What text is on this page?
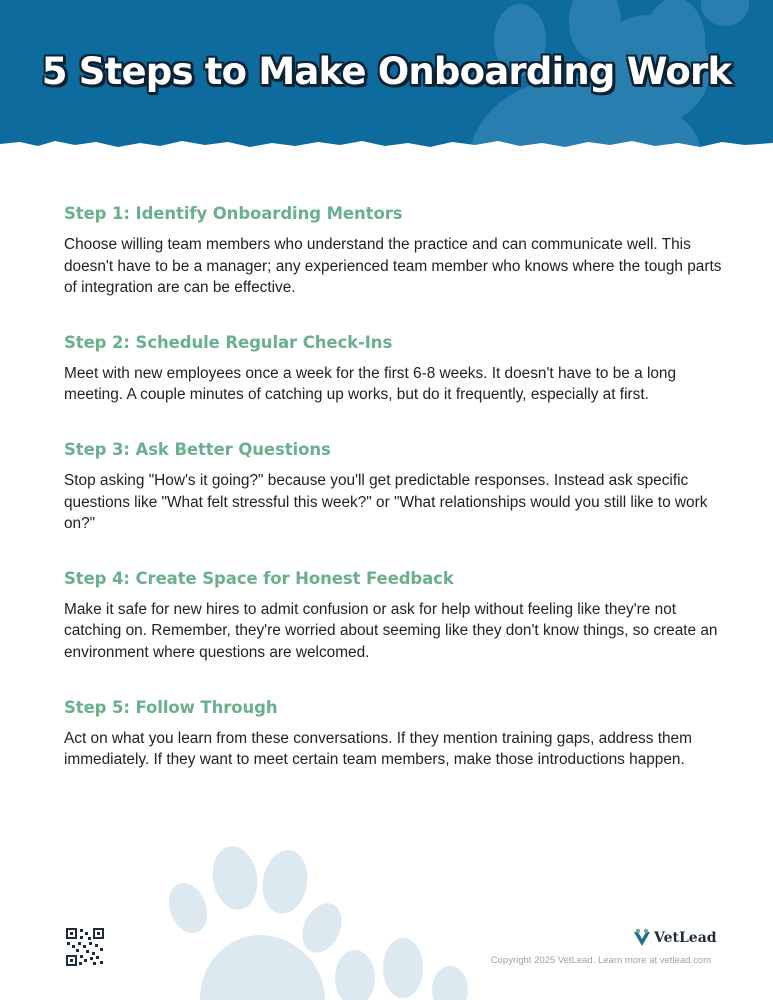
5 Steps to Make Onboarding Work
Step 1: Identify Onboarding Mentors
Choose willing team members who understand the practice and can communicate well. This doesn't have to be a manager; any experienced team member who knows where the tough parts of integration are can be effective.
Step 2: Schedule Regular Check-Ins
Meet with new employees once a week for the first 6-8 weeks. It doesn't have to be a long meeting. A couple minutes of catching up works, but do it frequently, especially at first.
Step 3: Ask Better Questions
Stop asking "How's it going?" because you'll get predictable responses. Instead ask specific questions like "What felt stressful this week?" or "What relationships would you still like to work on?"
Step 4: Create Space for Honest Feedback
Make it safe for new hires to admit confusion or ask for help without feeling like they're not catching on. Remember, they're worried about seeming like they don't know things, so create an environment where questions are welcomed.
Step 5: Follow Through
Act on what you learn from these conversations. If they mention training gaps, address them immediately. If they want to meet certain team members, make those introductions happen.
VetLead
Copyright 2025 VetLead. Learn more at vetlead.com
